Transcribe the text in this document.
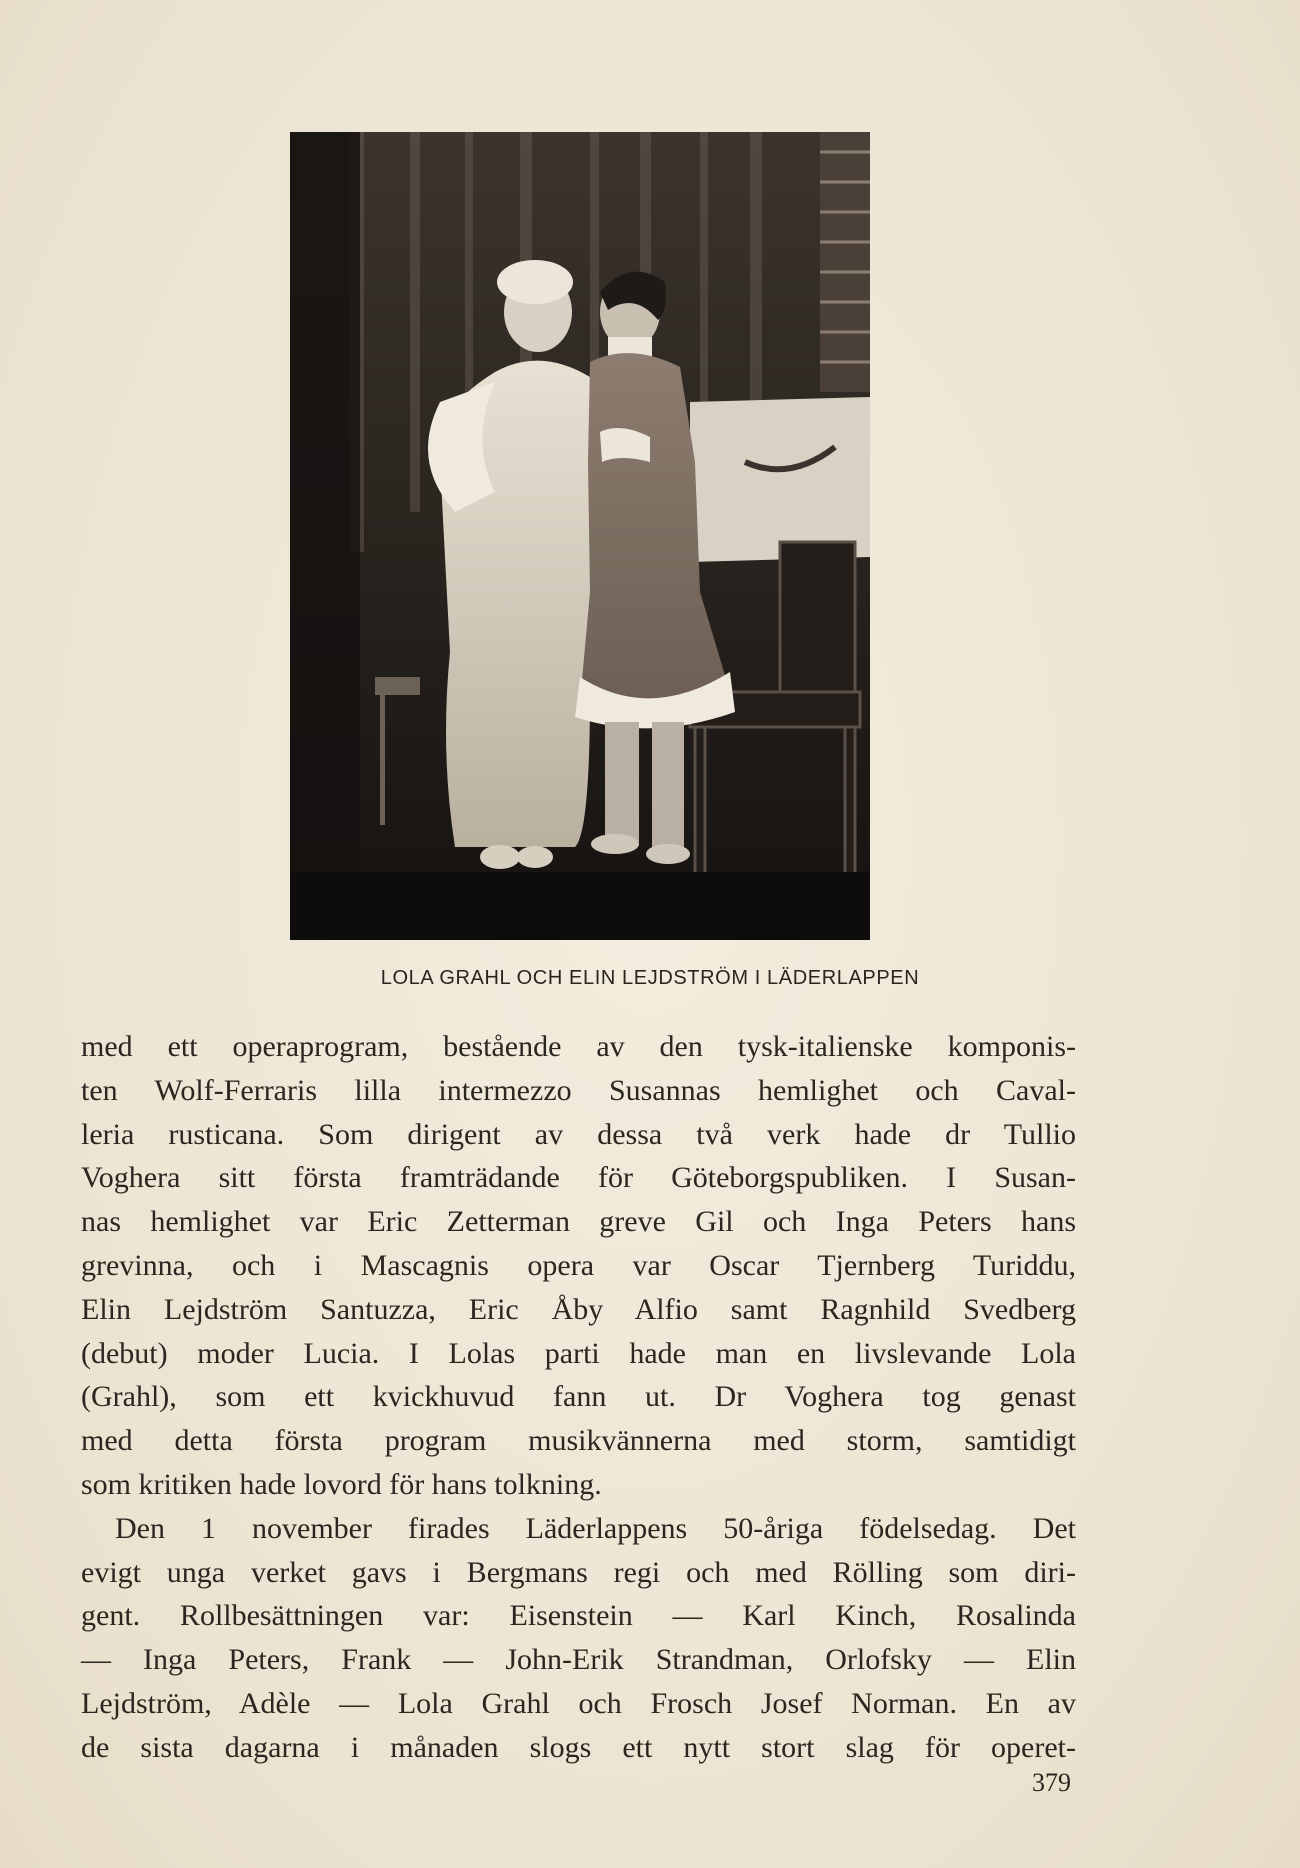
LOLA GRAHL OCH ELIN LEJDSTRÖM I LÄDERLAPPEN
med ett operaprogram, bestående av den tysk-italienske komponis-
ten Wolf-Ferraris lilla intermezzo Susannas hemlighet och Caval-
leria rusticana. Som dirigent av dessa två verk hade dr Tullio
Voghera sitt första framträdande för Göteborgspubliken. I Susan-
nas hemlighet var Eric Zetterman greve Gil och Inga Peters hans
grevinna, och i Mascagnis opera var Oscar Tjernberg Turiddu,
Elin Lejdström Santuzza, Eric Åby Alfio samt Ragnhild Svedberg
(debut) moder Lucia. I Lolas parti hade man en livslevande Lola
(Grahl), som ett kvickhuvud fann ut. Dr Voghera tog genast
med detta första program musikvännerna med storm, samtidigt
som kritiken hade lovord för hans tolkning.
Den 1 november firades Läderlappens 50-åriga födelsedag. Det
evigt unga verket gavs i Bergmans regi och med Rölling som diri-
gent. Rollbesättningen var: Eisenstein — Karl Kinch, Rosalinda
— Inga Peters, Frank — John-Erik Strandman, Orlofsky — Elin
Lejdström, Adèle — Lola Grahl och Frosch Josef Norman. En av
de sista dagarna i månaden slogs ett nytt stort slag för operet-
379
